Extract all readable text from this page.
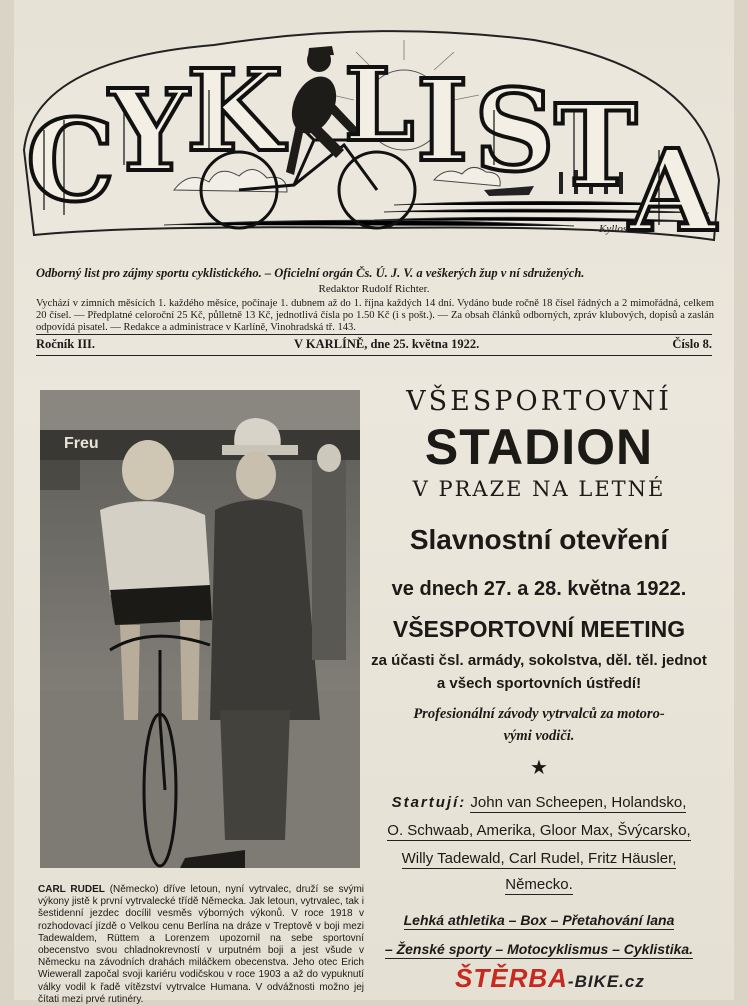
C
Y
K I S T
A
L
Kyllos
Odborný list pro zájmy sportu cyklistického. – Oficielní orgán Čs. Ú. J. V. a veškerých žup v ní sdružených.
Redaktor Rudolf Richter.
Vychází v zimních měsících 1. každého měsíce, počínaje 1. dubnem až do 1. října každých 14 dní. Vydáno bude ročně 18 čísel řádných a 2 mimořádná, celkem 20 čísel. — Předplatné celoroční 25 Kč, půlletně 13 Kč, jednotlivá čísla po 1.50 Kč (i s pošt.). — Za obsah článků odborných, zpráv klubových, dopisů a zaslán odpovídá pisatel. — Redakce a administrace v Karlíně, Vinohradská tř. 143.
Ročník III.	V KARLÍNĚ, dne 25. května 1922.	Číslo 8.
Freu
CARL RUDEL (Německo) dříve letoun, nyní vytrvalec, druží se svými výkony jistě k první vytrvalecké třídě Německa. Jak letoun, vytrvalec, tak i šestidenní jezdec docílil vesměs výborných výkonů. V roce 1918 v rozhodovací jízdě o Velkou cenu Berlína na dráze v Treptově v boji mezi Tadewaldem, Rüttem a Lorenzem upozornil na sebe sportovní obecenstvo svou chladnokrevností v urputném boji a jest všude v Německu na závodních drahách miláčkem obecenstva. Jeho otec Erich Wiewerall započal svoji kariéru vodičskou v roce 1903 a až do vypuknutí války vodil k řadě vítězství vytrvalce Humana. V odvážnosti možno jej čítati mezi prvé rutinéry.
VŠESPORTOVNÍ
STADION
V PRAZE NA LETNÉ
Slavnostní otevření
ve dnech 27. a 28. května 1922.
VŠESPORTOVNÍ MEETING
za účasti čsl. armády, sokolstva, děl. těl. jednot
a všech sportovních ústředí!
Profesionální závody vytrvalců za motoro-
vými vodiči.
★
Startují: John van Scheepen, Holandsko,
O. Schwaab, Amerika, Gloor Max, Švýcarsko,
Willy Tadewald, Carl Rudel, Fritz Häusler,
Německo.
Lehká athletika – Box – Přetahování lana
– Ženské sporty – Motocyklismus – Cyklistika.
ŠTĚRBA-BIKE.cz
